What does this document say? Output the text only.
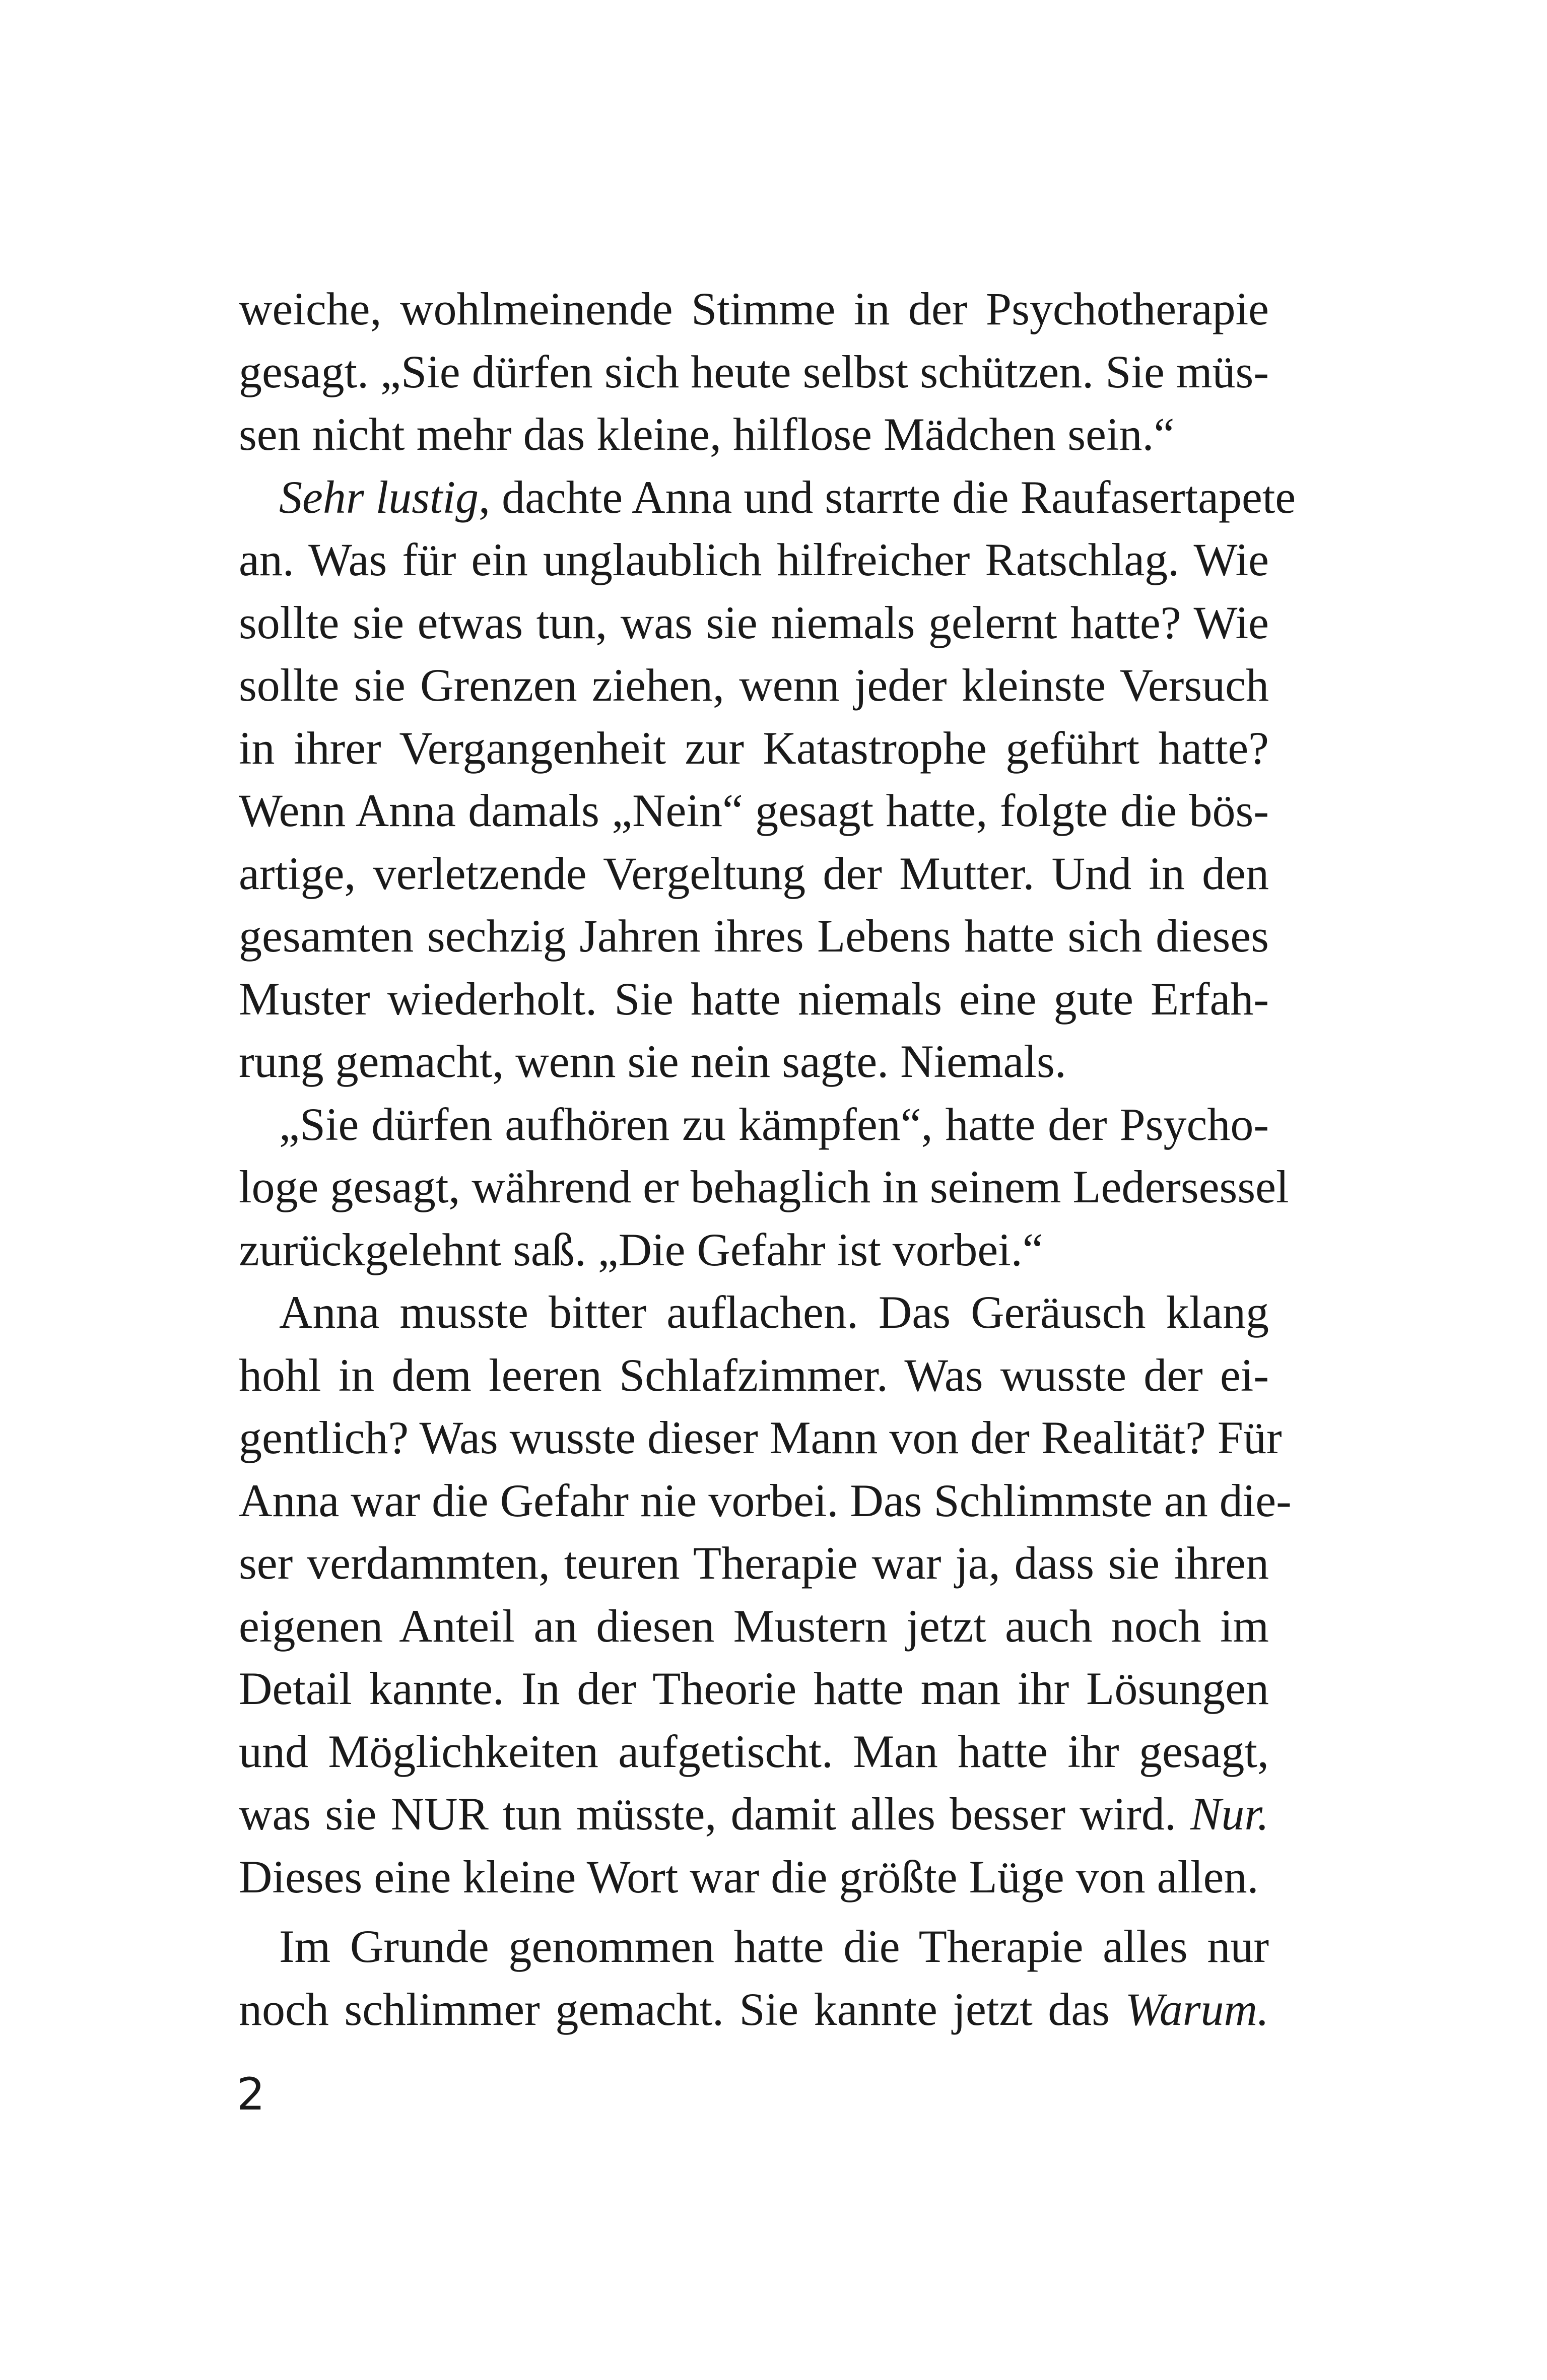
weiche, wohlmeinende Stimme in der Psychotherapie
gesagt. „Sie dürfen sich heute selbst schützen. Sie müs-
sen nicht mehr das kleine, hilflose Mädchen sein.“
Sehr lustig, dachte Anna und starrte die Raufasertapete
an. Was für ein unglaublich hilfreicher Ratschlag. Wie
sollte sie etwas tun, was sie niemals gelernt hatte? Wie
sollte sie Grenzen ziehen, wenn jeder kleinste Versuch
in ihrer Vergangenheit zur Katastrophe geführt hatte?
Wenn Anna damals „Nein“ gesagt hatte, folgte die bös-
artige, verletzende Vergeltung der Mutter. Und in den
gesamten sechzig Jahren ihres Lebens hatte sich dieses
Muster wiederholt. Sie hatte niemals eine gute Erfah-
rung gemacht, wenn sie nein sagte. Niemals.
„Sie dürfen aufhören zu kämpfen“, hatte der Psycho-
loge gesagt, während er behaglich in seinem Ledersessel
zurückgelehnt saß. „Die Gefahr ist vorbei.“
Anna musste bitter auflachen. Das Geräusch klang
hohl in dem leeren Schlafzimmer. Was wusste der ei-
gentlich? Was wusste dieser Mann von der Realität? Für
Anna war die Gefahr nie vorbei. Das Schlimmste an die-
ser verdammten, teuren Therapie war ja, dass sie ihren
eigenen Anteil an diesen Mustern jetzt auch noch im
Detail kannte. In der Theorie hatte man ihr Lösungen
und Möglichkeiten aufgetischt. Man hatte ihr gesagt,
was sie NUR tun müsste, damit alles besser wird. Nur.
Dieses eine kleine Wort war die größte Lüge von allen.
Im Grunde genommen hatte die Therapie alles nur
noch schlimmer gemacht. Sie kannte jetzt das Warum.
2
